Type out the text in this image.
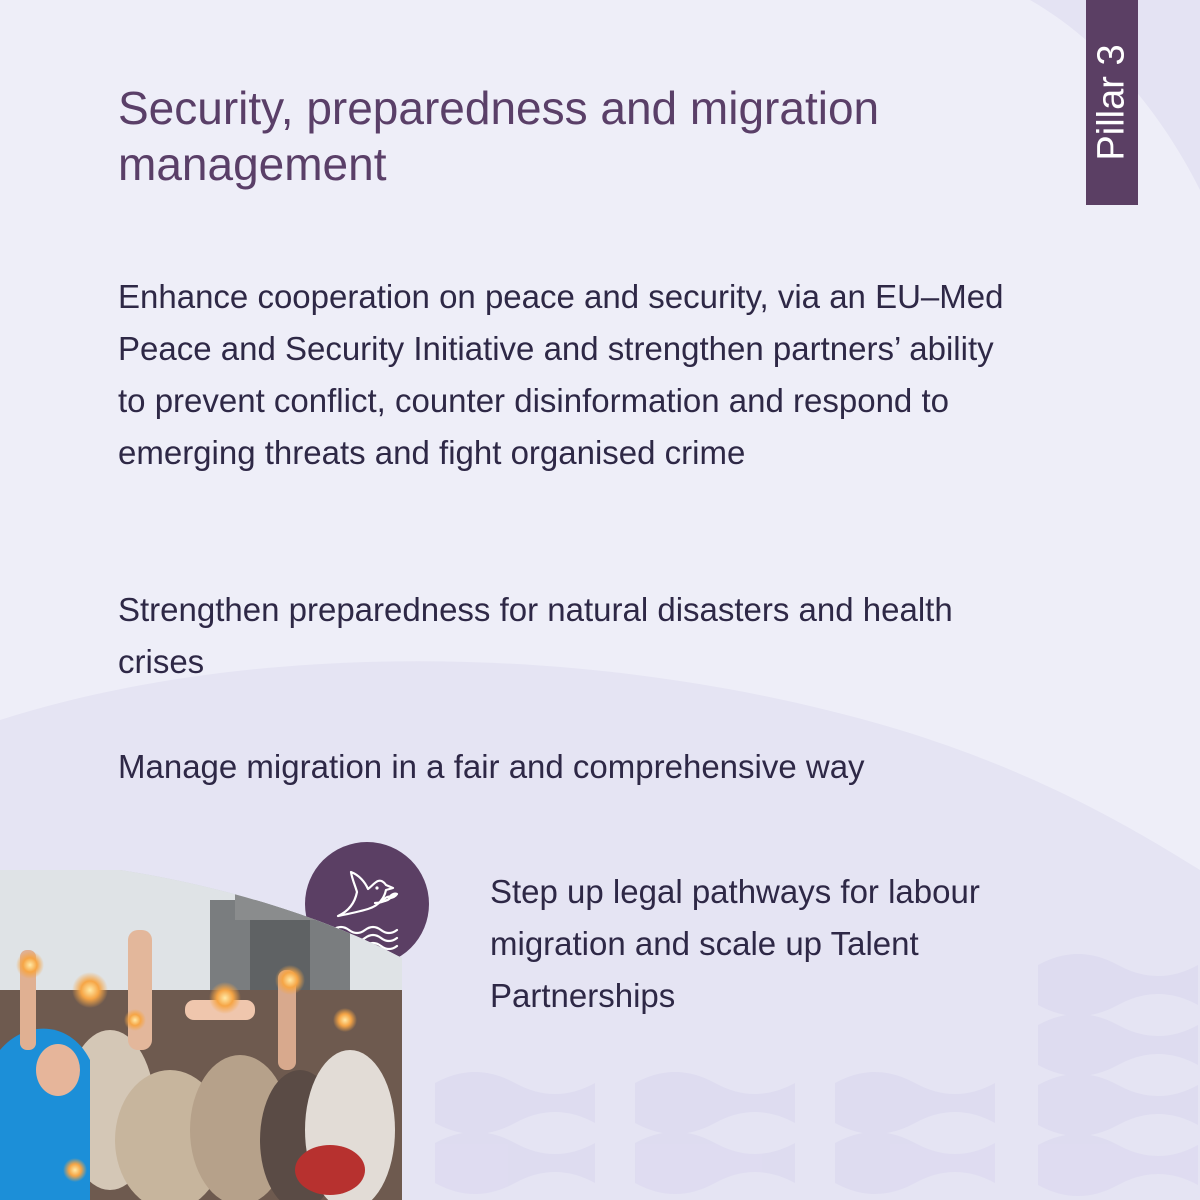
Pillar 3
Security, preparedness and migration management

Enhance cooperation on peace and security, via an EU–Med Peace and Security Initiative and strengthen partners’ ability to prevent conflict, counter disinformation and respond to emerging threats and fight organised crime

Strengthen preparedness for natural disasters and health crises

Manage migration in a fair and comprehensive way

Step up legal pathways for labour migration and scale up Talent Partnerships
